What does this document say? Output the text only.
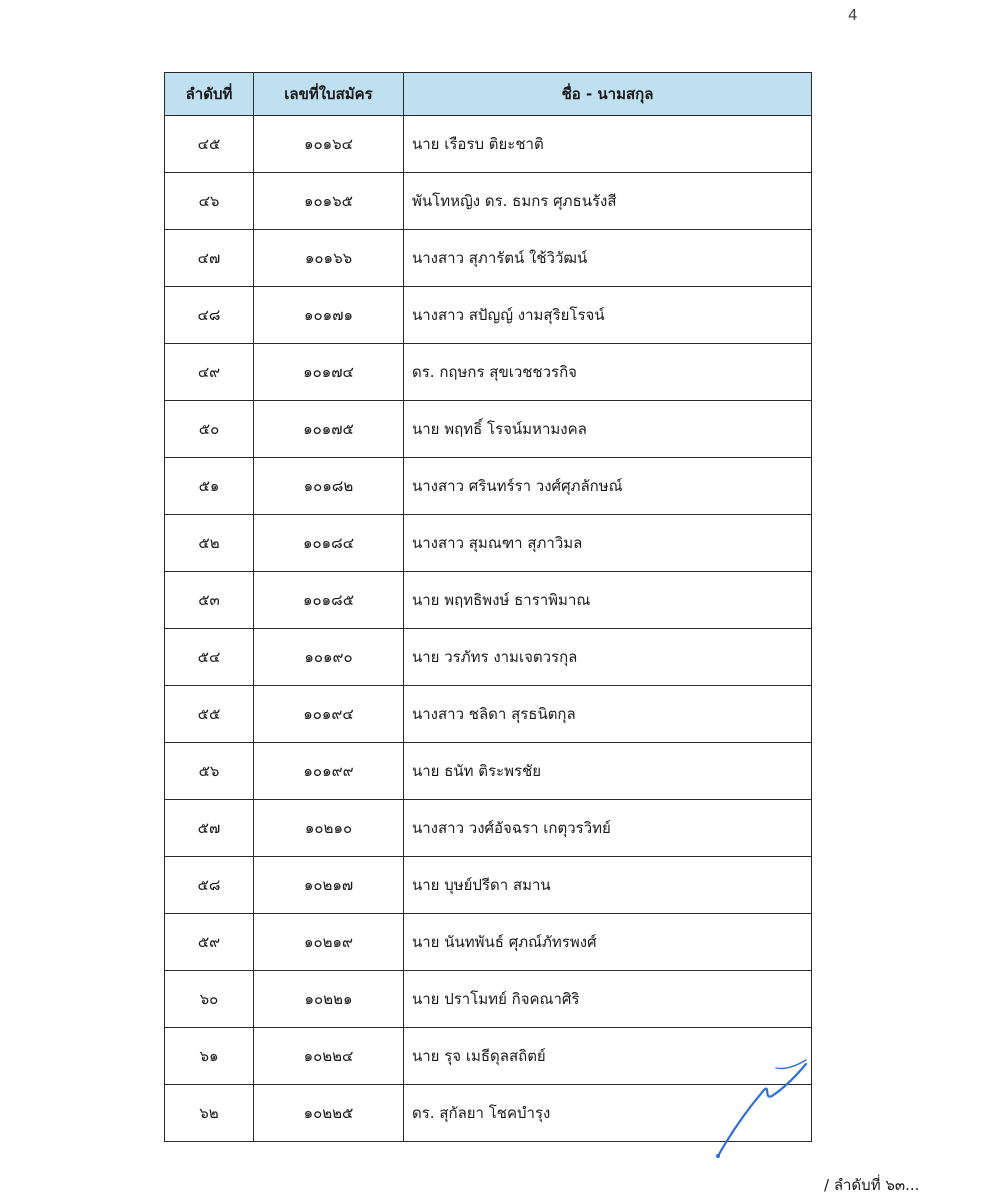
4
ลำดับที่	เลขที่ใบสมัคร	ชื่อ - นามสกุล
๔๕	๑๐๑๖๔	นาย เรือรบ ติยะชาติ
๔๖	๑๐๑๖๕	พันโทหญิง ดร. ธมกร ศุภธนรังสี
๔๗	๑๐๑๖๖	นางสาว สุภารัตน์ ใช้วิวัฒน์
๔๘	๑๐๑๗๑	นางสาว สปัญญ์ งามสุริยโรจน์
๔๙	๑๐๑๗๔	ดร. กฤษกร สุขเวชชวรกิจ
๕๐	๑๐๑๗๕	นาย พฤทธิ์ โรจน์มหามงคล
๕๑	๑๐๑๘๒	นางสาว ศรินทร์รา วงศ์ศุภลักษณ์
๕๒	๑๐๑๘๔	นางสาว สุมณฑา สุภาวิมล
๕๓	๑๐๑๘๕	นาย พฤทธิพงษ์ ธาราพิมาณ
๕๔	๑๐๑๙๐	นาย วรภัทร งามเจตวรกุล
๕๕	๑๐๑๙๔	นางสาว ชลิดา สุรธนิตกุล
๕๖	๑๐๑๙๙	นาย ธนัท ติระพรชัย
๕๗	๑๐๒๑๐	นางสาว วงศ์อัจฉรา เกตุวรวิทย์
๕๘	๑๐๒๑๗	นาย บุษย์ปรีดา สมาน
๕๙	๑๐๒๑๙	นาย นันทพันธ์ ศุภณ์ภัทรพงศ์
๖๐	๑๐๒๒๑	นาย ปราโมทย์ กิจคณาศิริ
๖๑	๑๐๒๒๔	นาย รุจ เมธีดุลสถิตย์
๖๒	๑๐๒๒๕	ดร. สุกัลยา โชคบำรุง
/ ลำดับที่ ๖๓...
